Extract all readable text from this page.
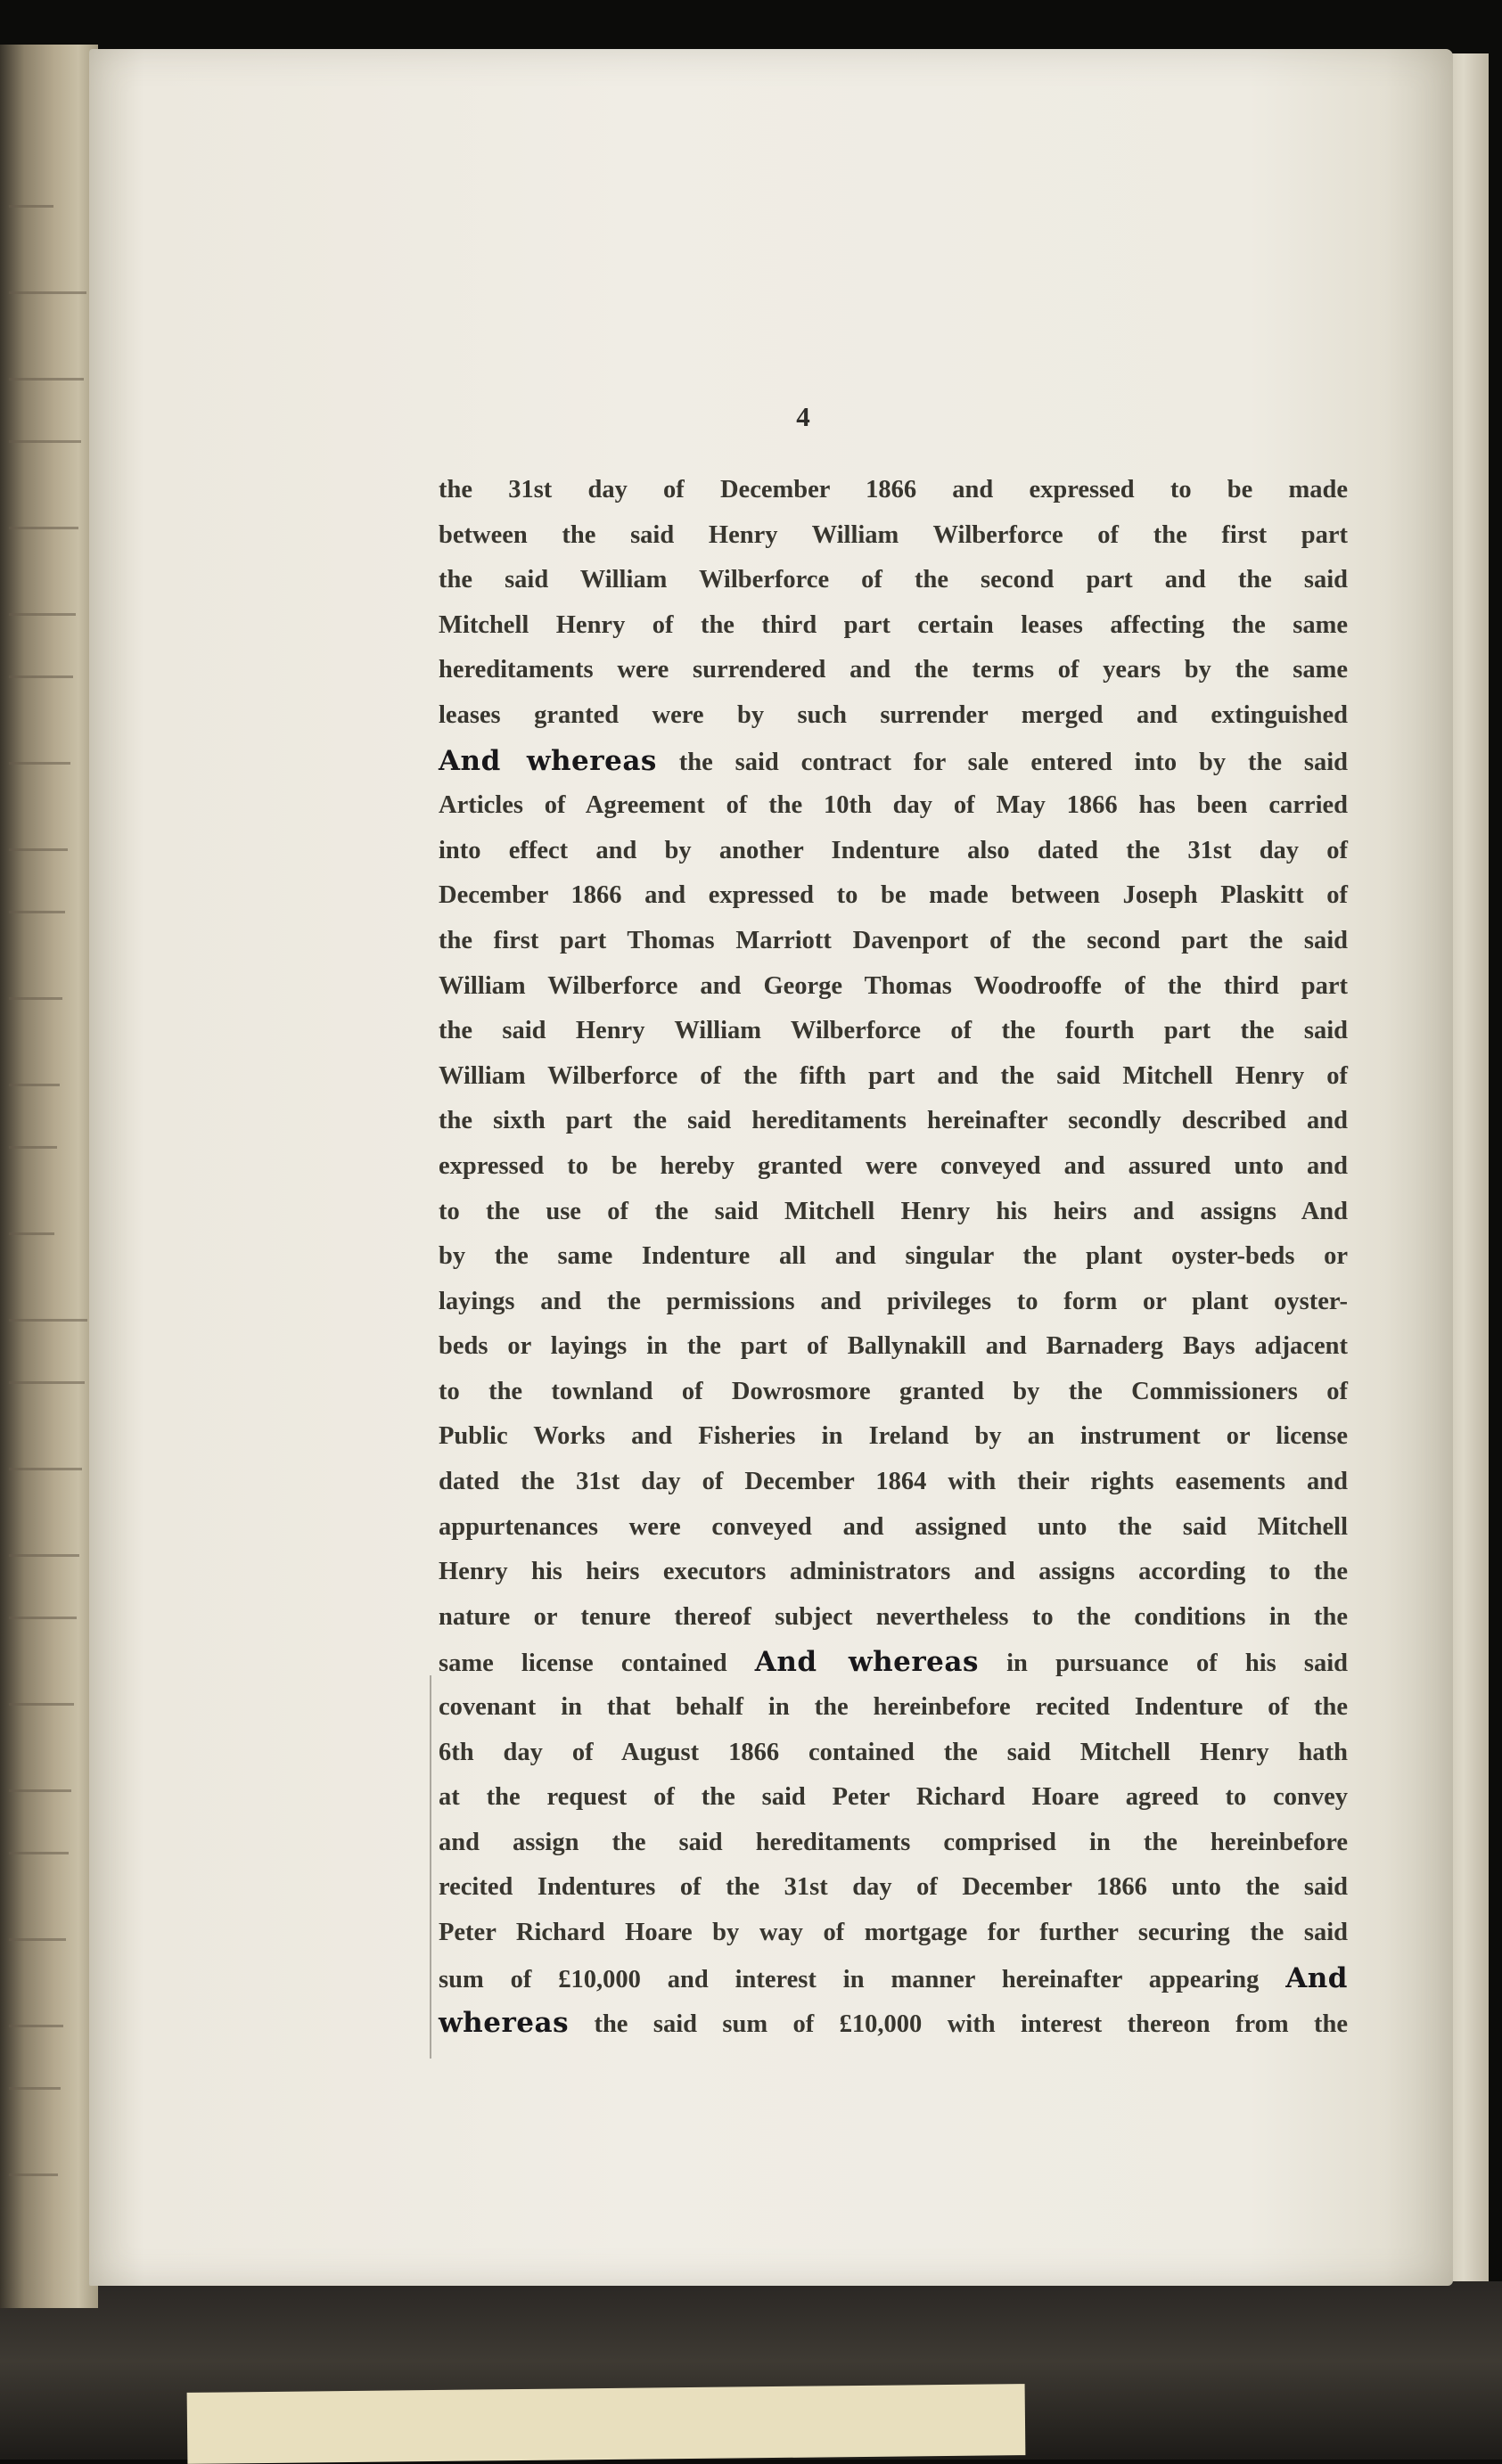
4
the 31st day of December 1866 and expressed to be made
between the said Henry William Wilberforce of the first part
the said William Wilberforce of the second part and the said
Mitchell Henry of the third part certain leases affecting the same
hereditaments were surrendered and the terms of years by the same
leases granted were by such surrender merged and extinguished
And whereas the said contract for sale entered into by the said
Articles of Agreement of the 10th day of May 1866 has been carried
into effect and by another Indenture also dated the 31st day of
December 1866 and expressed to be made between Joseph Plaskitt of
the first part Thomas Marriott Davenport of the second part the said
William Wilberforce and George Thomas Woodrooffe of the third part
the said Henry William Wilberforce of the fourth part the said
William Wilberforce of the fifth part and the said Mitchell Henry of
the sixth part the said hereditaments hereinafter secondly described and
expressed to be hereby granted were conveyed and assured unto and
to the use of the said Mitchell Henry his heirs and assigns And
by the same Indenture all and singular the plant oyster-beds or
layings and the permissions and privileges to form or plant oyster-
beds or layings in the part of Ballynakill and Barnaderg Bays adjacent
to the townland of Dowrosmore granted by the Commissioners of
Public Works and Fisheries in Ireland by an instrument or license
dated the 31st day of December 1864 with their rights easements and
appurtenances were conveyed and assigned unto the said Mitchell
Henry his heirs executors administrators and assigns according to the
nature or tenure thereof subject nevertheless to the conditions in the
same license contained And whereas in pursuance of his said
covenant in that behalf in the hereinbefore recited Indenture of the
6th day of August 1866 contained the said Mitchell Henry hath
at the request of the said Peter Richard Hoare agreed to convey
and assign the said hereditaments comprised in the hereinbefore
recited Indentures of the 31st day of December 1866 unto the said
Peter Richard Hoare by way of mortgage for further securing the said
sum of £10,000 and interest in manner hereinafter appearing And
whereas the said sum of £10,000 with interest thereon from the
